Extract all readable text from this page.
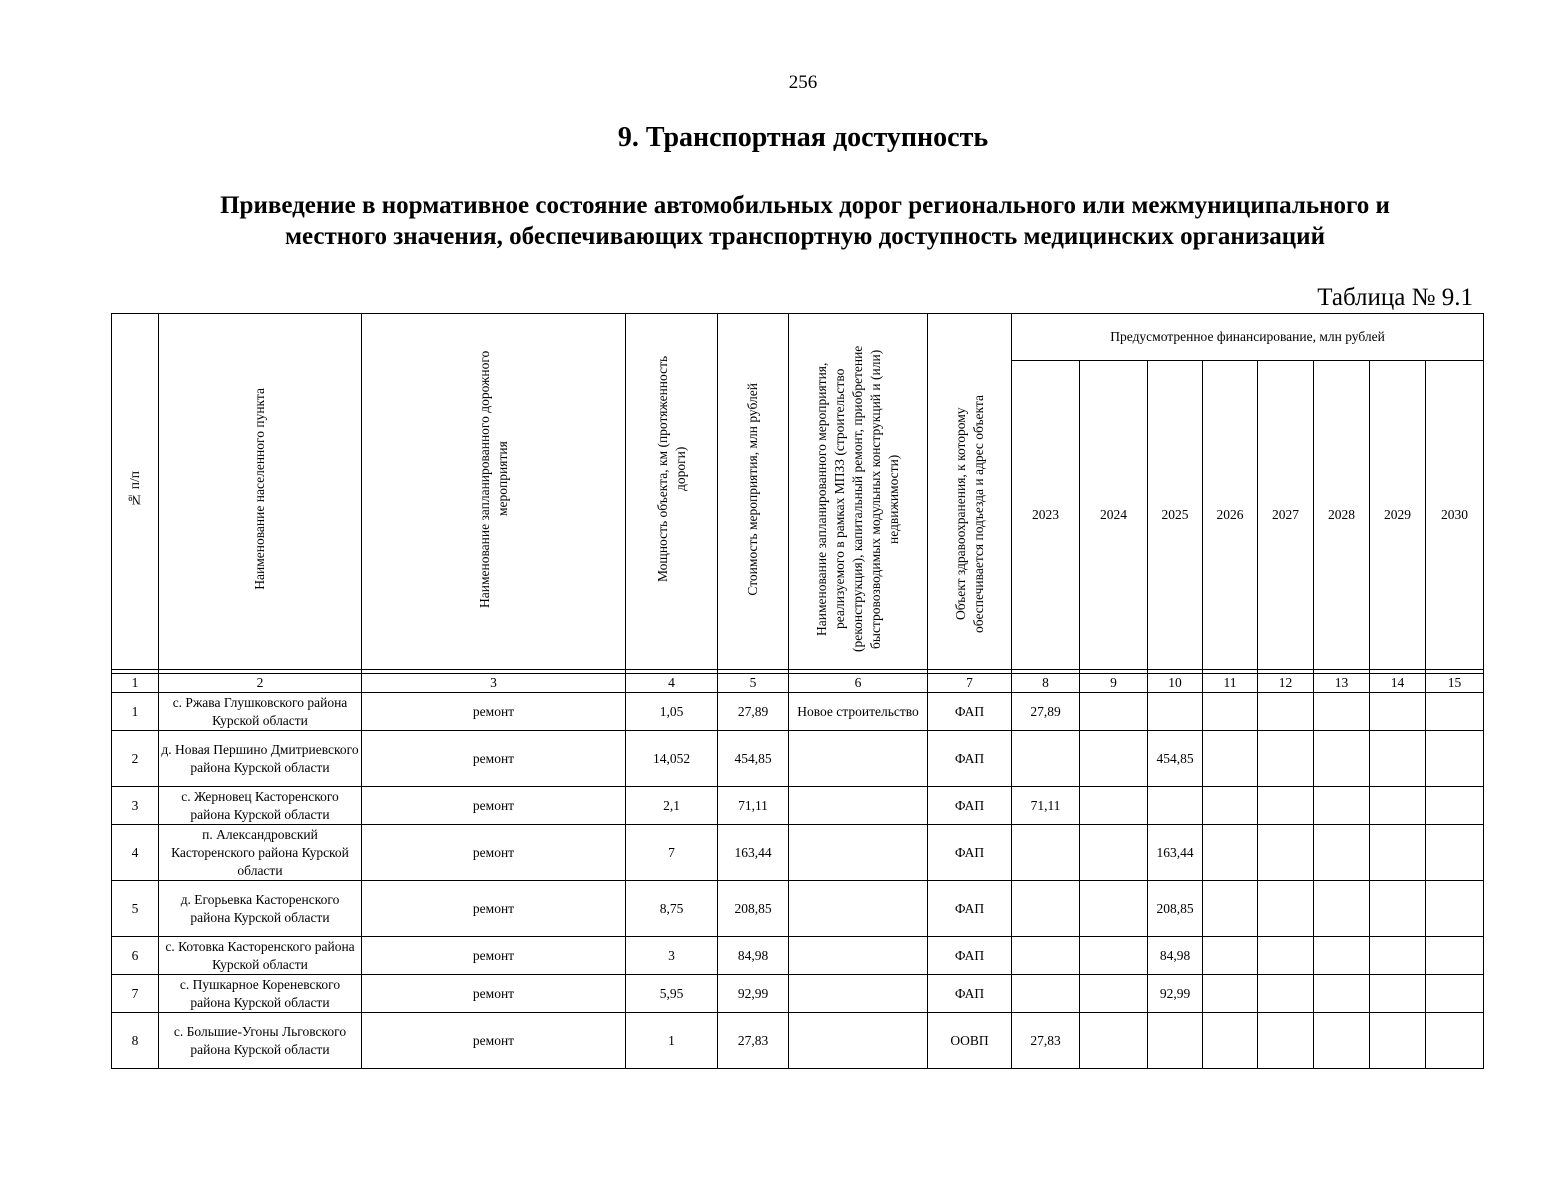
256
9. Транспортная доступность
Приведение в нормативное состояние автомобильных дорог регионального или межмуниципального и
местного значения, обеспечивающих транспортную доступность медицинских организаций
Таблица № 9.1
№ п/п	Наименование населенного пункта	Наименование запланированного дорожного мероприятия	Мощность объекта, км (протяженность дороги)	Стоимость мероприятия, млн рублей	Наименование запланированного мероприятия, реализуемого в рамках МПЗЗ (строительство (реконструкция), капитальный ремонт, приобретение быстровозводимых модульных конструкций и (или) недвижимости)	Объект здравоохранения, к которому обеспечивается подъезда и адрес объекта	Предусмотренное финансирование, млн рублей							
							2023	2024	2025	2026	2027	2028	2029	2030

1	2	3	4	5	6	7	8	9	10	11	12	13	14	15
1	с. Ржава Глушковского района Курской области	ремонт	1,05	27,89	Новое строительство	ФАП	27,89							
2	д. Новая Першино Дмитриевского района Курской области	ремонт	14,052	454,85		ФАП			454,85					
3	с. Жерновец Касторенского района Курской области	ремонт	2,1	71,11		ФАП	71,11							
4	п. Александровский Касторенского района Курской области	ремонт	7	163,44		ФАП			163,44					
5	д. Егорьевка Касторенского района Курской области	ремонт	8,75	208,85		ФАП			208,85					
6	с. Котовка Касторенского района Курской области	ремонт	3	84,98		ФАП			84,98					
7	с. Пушкарное Кореневского района Курской области	ремонт	5,95	92,99		ФАП			92,99					
8	с. Большие-Угоны Льговского района Курской области	ремонт	1	27,83		ООВП	27,83							
